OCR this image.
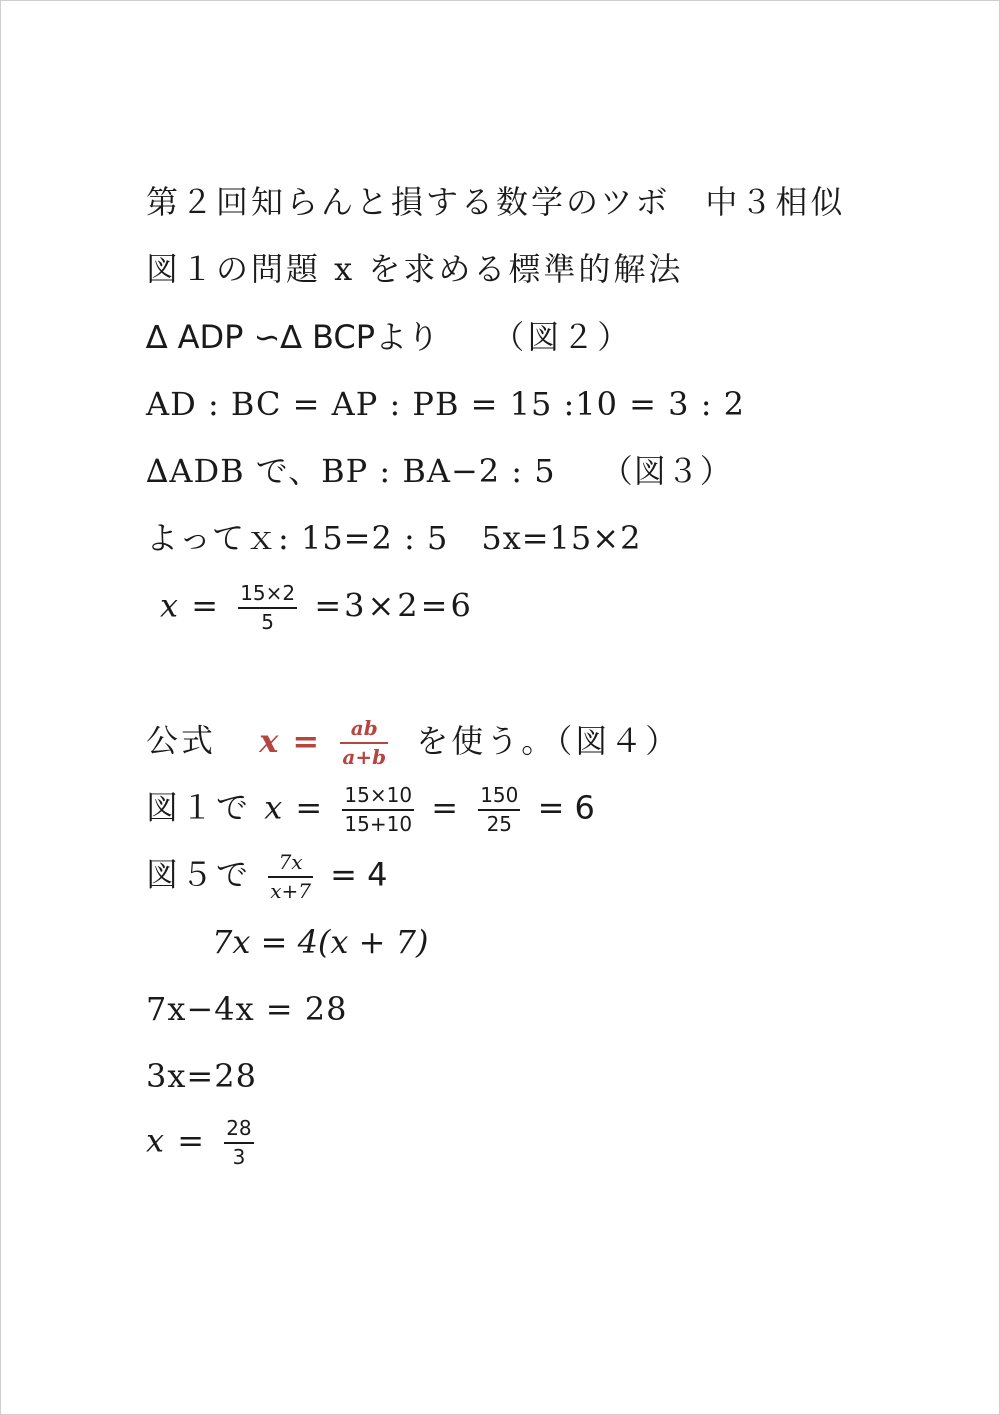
第２回知らんと損する数学のツボ　中３相似
図１の問題 x を求める標準的解法
∆ ADP ∽∆ BCPより （図２）
AD : BC = AP : PB = 15 :10 = 3 : 2
∆ADB で、BP : BA−2 : 5 （図３）
よってｘ: 15=2 : 5　5x=15×2
$x = \frac{15\times 2}{5} =3\times 2=6$
公式 $x = \frac{ab}{a+b}$ を使う。（図４）
図１で $x = \frac{15\times 10}{15+10} = \frac{150}{25} = 6$
図５で $\frac{7x}{x+7} = 4$
7x = 4(x + 7)
7x−4x = 28
3x=28
$x = \frac{28}{3}$
